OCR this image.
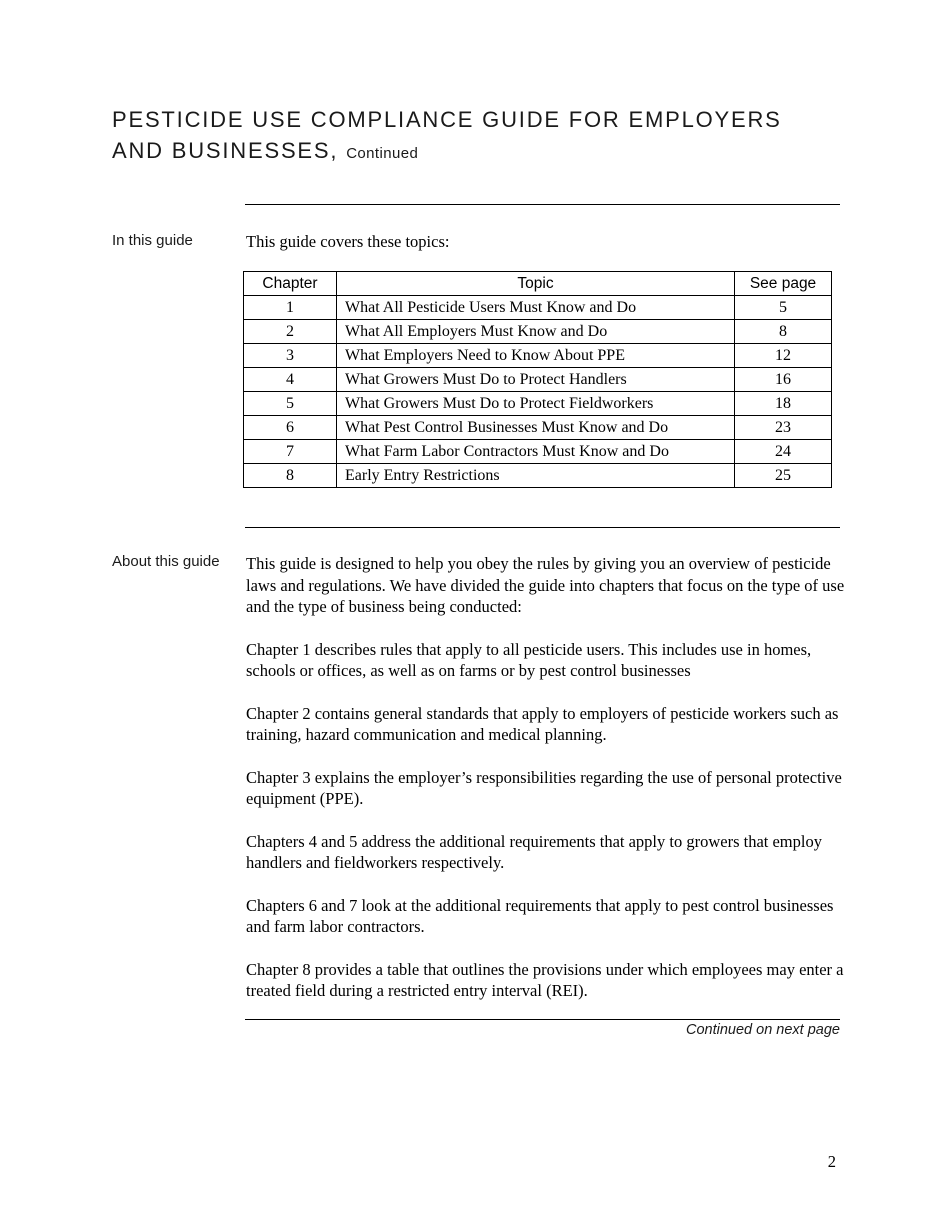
PESTICIDE USE COMPLIANCE GUIDE FOR EMPLOYERS
AND BUSINESSES, Continued
In this guide	This guide covers these topics:

Chapter	Topic	See page
1	What All Pesticide Users Must Know and Do	5
2	What All Employers Must Know and Do	8
3	What Employers Need to Know About PPE	12
4	What Growers Must Do to Protect Handlers	16
5	What Growers Must Do to Protect Fieldworkers	18
6	What Pest Control Businesses Must Know and Do	23
7	What Farm Labor Contractors Must Know and Do	24
8	Early Entry Restrictions	25
About this guide This guide is designed to help you obey the rules by giving you an overview of pesticide laws and regulations. We have divided the guide into chapters that focus on the type of use and the type of business being conducted:

Chapter 1 describes rules that apply to all pesticide users. This includes use in homes, schools or offices, as well as on farms or by pest control businesses

Chapter 2 contains general standards that apply to employers of pesticide workers such as training, hazard communication and medical planning.

Chapter 3 explains the employer’s responsibilities regarding the use of personal protective equipment (PPE).

Chapters 4 and 5 address the additional requirements that apply to growers that employ handlers and fieldworkers respectively.

Chapters 6 and 7 look at the additional requirements that apply to pest control businesses and farm labor contractors.

Chapter 8 provides a table that outlines the provisions under which employees may enter a treated field during a restricted entry interval (REI).

Continued on next page
2
